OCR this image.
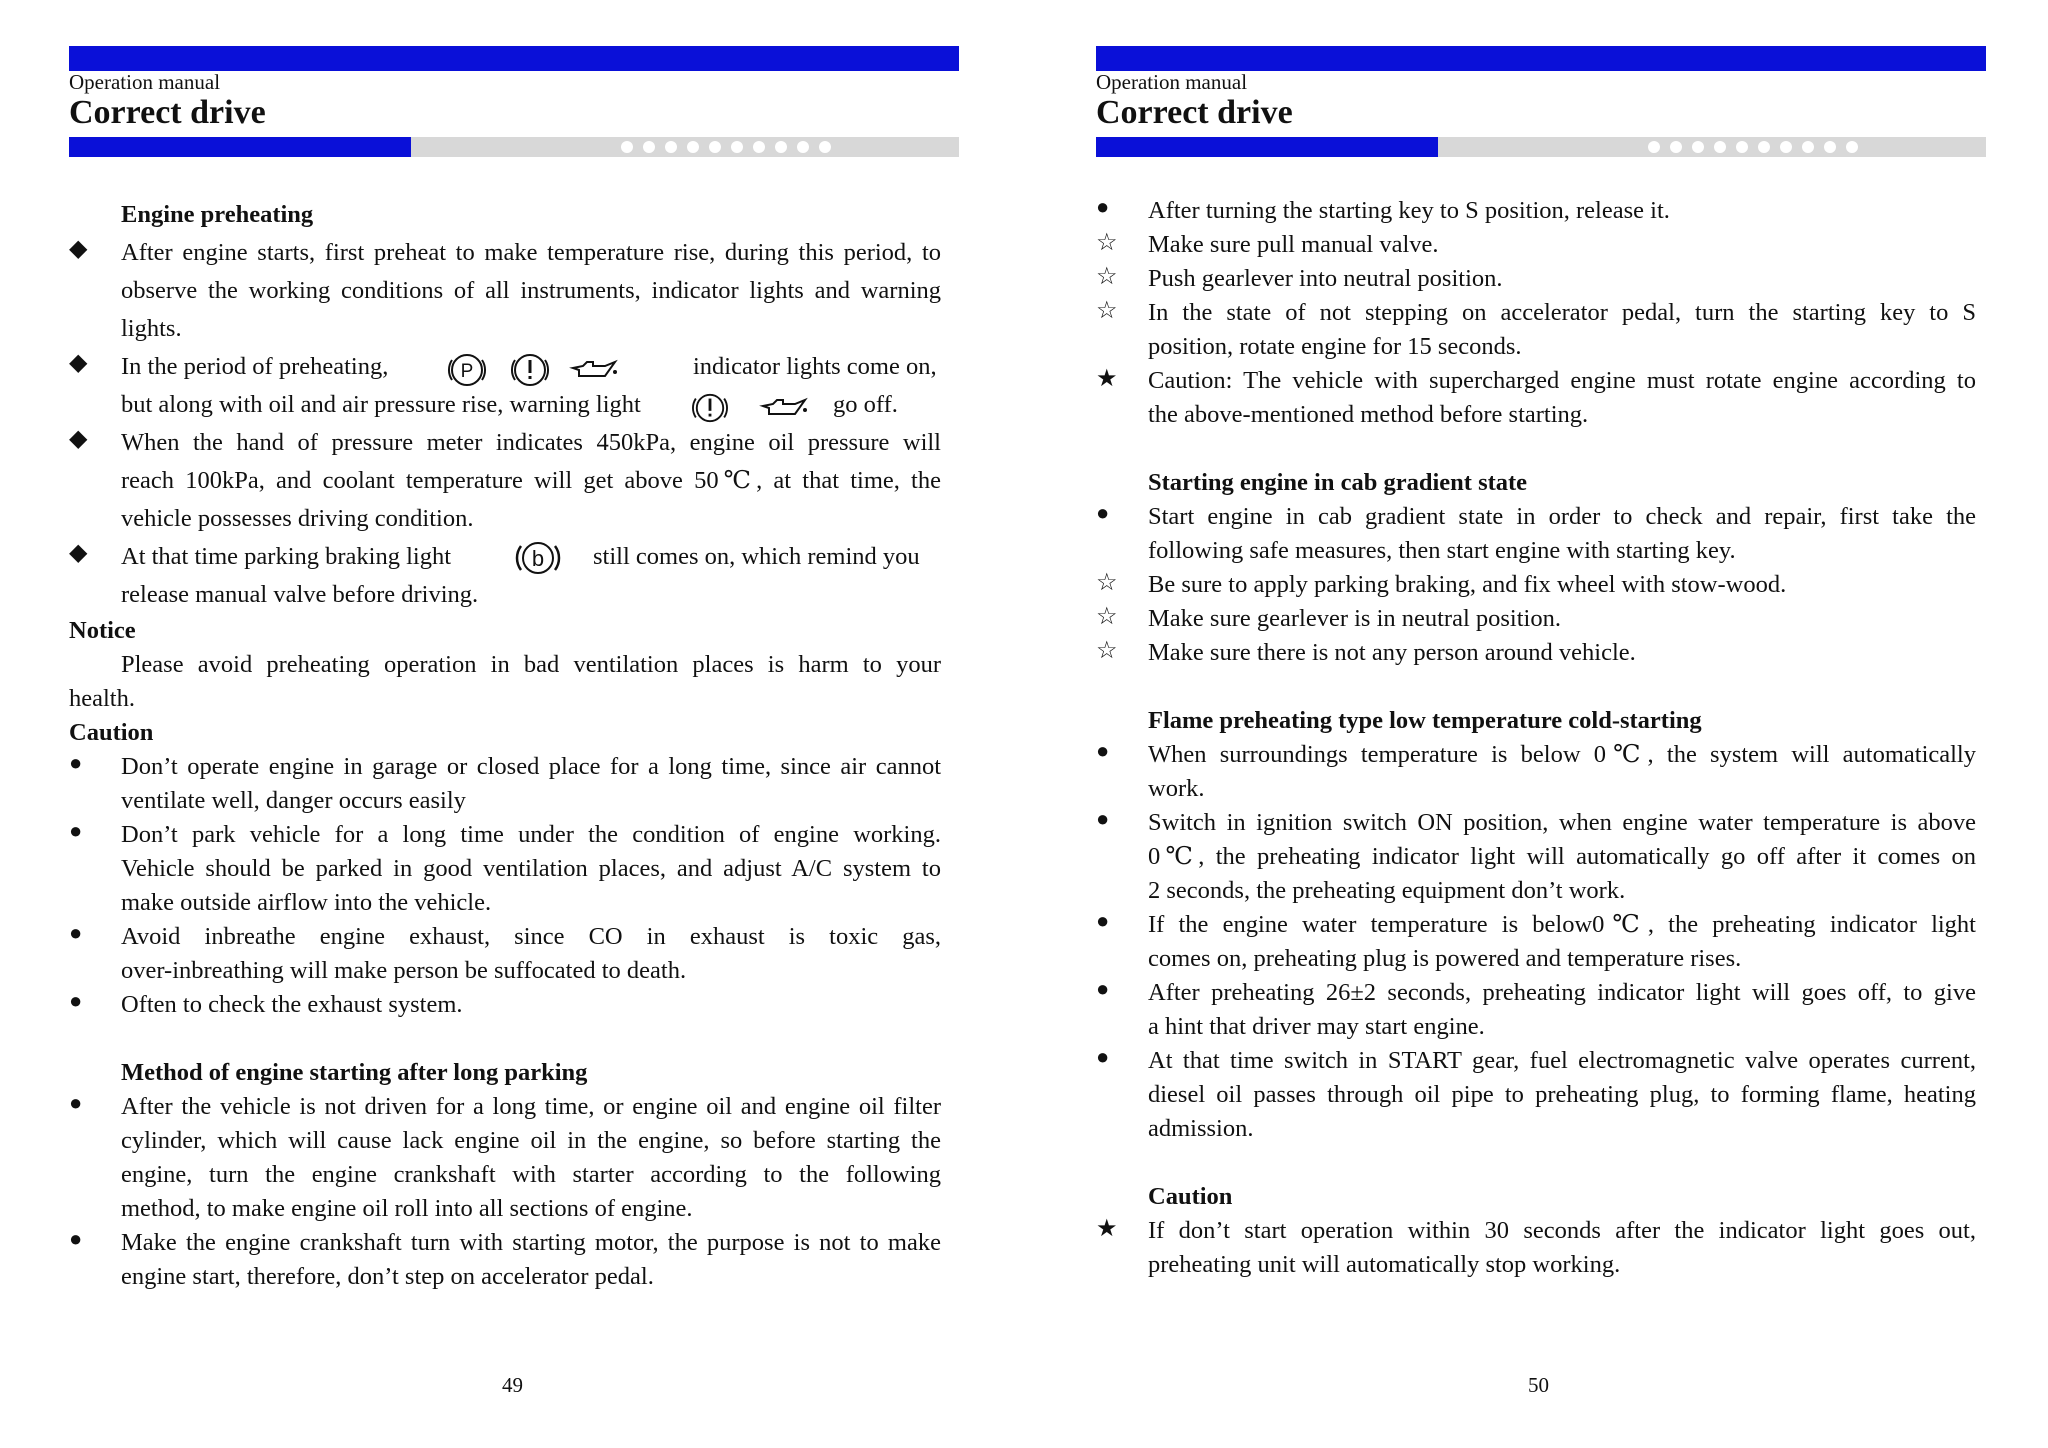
Operation manual
Correct drive
Engine preheating
◆	After engine starts, first preheat to make temperature rise, during this period, to
observe the working conditions of all instruments, indicator lights and warning
lights.
◆	In the period of preheating,	P
	indicator lights come on,
but along with oil and air pressure rise, warning light
	go off.
◆	When the hand of pressure meter indicates 450kPa, engine oil pressure will
reach 100kPa, and coolant temperature will get above 50℃, at that time, the
vehicle possesses driving condition.
◆	At that time parking braking light	b still comes on, which remind you
release manual valve before driving.
Notice
Please avoid preheating operation in bad ventilation places is harm to your
health.
Caution
●	Don’t operate engine in garage or closed place for a long time, since air cannot
ventilate well, danger occurs easily
●	Don’t park vehicle for a long time under the condition of engine working.
Vehicle should be parked in good ventilation places, and adjust A/C system to
make outside airflow into the vehicle.
●	Avoid inbreathe engine exhaust, since CO in exhaust is toxic gas,
over-inbreathing will make person be suffocated to death.
●	Often to check the exhaust system.
Method of engine starting after long parking
●	After the vehicle is not driven for a long time, or engine oil and engine oil filter
cylinder, which will cause lack engine oil in the engine, so before starting the
engine, turn the engine crankshaft with starter according to the following
method, to make engine oil roll into all sections of engine.
●	Make the engine crankshaft turn with starting motor, the purpose is not to make
engine start, therefore, don’t step on accelerator pedal.
49
Operation manual
Correct drive
●	After turning the starting key to S position, release it.
☆	Make sure pull manual valve.
☆	Push gearlever into neutral position.
☆	In the state of not stepping on accelerator pedal, turn the starting key to S
position, rotate engine for 15 seconds.
★	Caution: The vehicle with supercharged engine must rotate engine according to
the above-mentioned method before starting.
Starting engine in cab gradient state
●	Start engine in cab gradient state in order to check and repair, first take the
following safe measures, then start engine with starting key.
☆	Be sure to apply parking braking, and fix wheel with stow-wood.
☆	Make sure gearlever is in neutral position.
☆	Make sure there is not any person around vehicle.
Flame preheating type low temperature cold-starting
●	When surroundings temperature is below 0℃, the system will automatically
work.
●	Switch in ignition switch ON position, when engine water temperature is above
0℃, the preheating indicator light will automatically go off after it comes on
2 seconds, the preheating equipment don’t work.
●	If the engine water temperature is below0℃, the preheating indicator light
comes on, preheating plug is powered and temperature rises.
●	After preheating 26±2 seconds, preheating indicator light will goes off, to give
a hint that driver may start engine.
●	At that time switch in START gear, fuel electromagnetic valve operates current,
diesel oil passes through oil pipe to preheating plug, to forming flame, heating
admission.
Caution
★	If don’t start operation within 30 seconds after the indicator light goes out,
preheating unit will automatically stop working.
50
